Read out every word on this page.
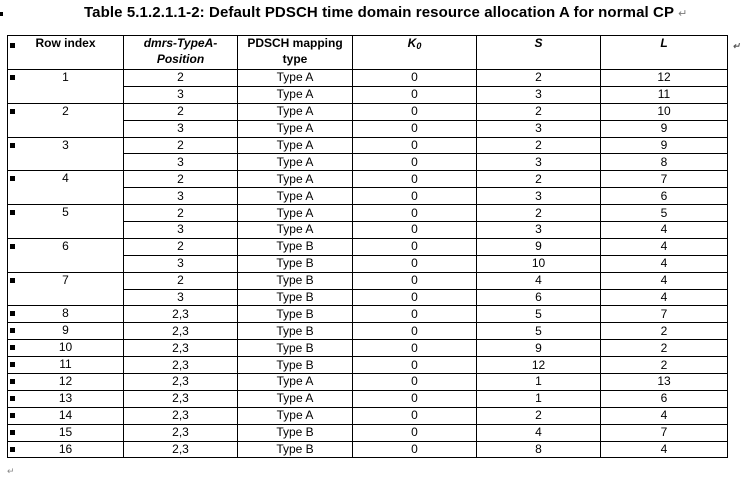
Table 5.1.2.1.1-2: Default PDSCH time domain resource allocation A for normal CP ↵
Row index	dmrs-TypeA-Position	PDSCH mapping type	$K_0$	S	L ↵

1	2	Type A	0	2	12
	3	Type A	0	3	11

2	2	Type A	0	2	10
	3	Type A	0	3	9

3	2	Type A	0	2	9
	3	Type A	0	3	8

4	2	Type A	0	2	7
	3	Type A	0	3	6

5	2	Type A	0	2	5
	3	Type A	0	3	4

6	2	Type B	0	9	4
	3	Type B	0	10	4

7	2	Type B	0	4	4
	3	Type B	0	6	4

8	2,3	Type B	0	5	7

9	2,3	Type B	0	5	2

10	2,3	Type B	0	9	2

11	2,3	Type B	0	12	2

12	2,3	Type A	0	1	13

13	2,3	Type A	0	1	6

14	2,3	Type A	0	2	4

15	2,3	Type B	0	4	7

16	2,3	Type B	0	8	4
↵
